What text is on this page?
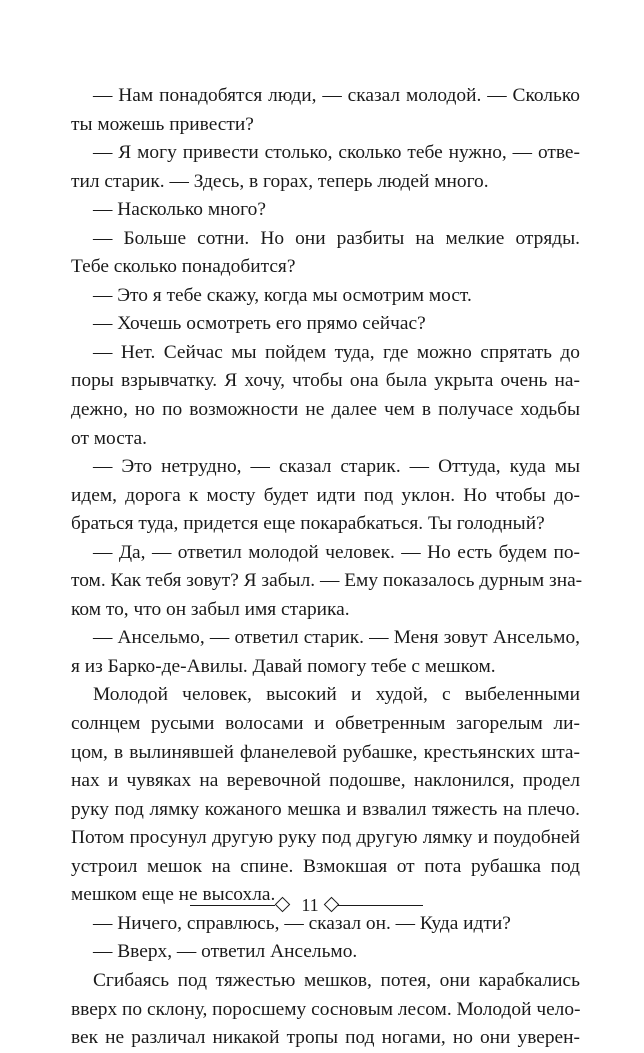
— Нам понадобятся люди, — сказал молодой. — Сколько
ты можешь привести?
— Я могу привести столько, сколько тебе нужно, — отве-
тил старик. — Здесь, в горах, теперь людей много.
— Насколько много?
— Больше сотни. Но они разбиты на мелкие отряды.
Тебе сколько понадобится?
— Это я тебе скажу, когда мы осмотрим мост.
— Хочешь осмотреть его прямо сейчас?
— Нет. Сейчас мы пойдем туда, где можно спрятать до
поры взрывчатку. Я хочу, чтобы она была укрыта очень на-
дежно, но по возможности не далее чем в получасе ходьбы
от моста.
— Это нетрудно, — сказал старик. — Оттуда, куда мы
идем, дорога к мосту будет идти под уклон. Но чтобы до-
браться туда, придется еще покарабкаться. Ты голодный?
— Да, — ответил молодой человек. — Но есть будем по-
том. Как тебя зовут? Я забыл. — Ему показалось дурным зна-
ком то, что он забыл имя старика.
— Ансельмо, — ответил старик. — Меня зовут Ансельмо,
я из Барко-де-Авилы. Давай помогу тебе с мешком.
Молодой человек, высокий и худой, с выбеленными
солнцем русыми волосами и обветренным загорелым ли-
цом, в вылинявшей фланелевой рубашке, крестьянских шта-
нах и чувяках на веревочной подошве, наклонился, продел
руку под лямку кожаного мешка и взвалил тяжесть на плечо.
Потом просунул другую руку под другую лямку и поудобней
устроил мешок на спине. Взмокшая от пота рубашка под
мешком еще не высохла.
— Ничего, справлюсь, — сказал он. — Куда идти?
— Вверх, — ответил Ансельмо.
Сгибаясь под тяжестью мешков, потея, они карабкались
вверх по склону, поросшему сосновым лесом. Молодой чело-
век не различал никакой тропы под ногами, но они уверен-
11
